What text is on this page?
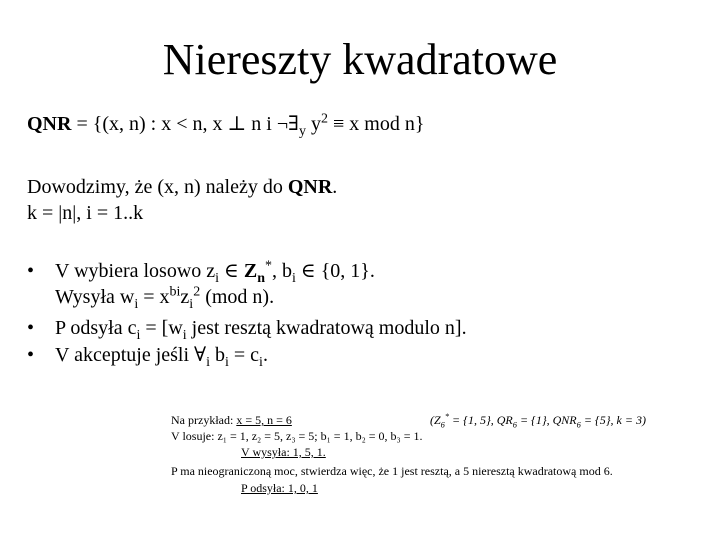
Niereszty kwadratowe
QNR = {(x, n) : x < n, x ⊥ n i $\neg\exists_y$ $y^2 \equiv x$ mod n}
Dowodzimy, że (x, n) należy do QNR.
k = |n|, i = 1..k
• V wybiera losowo $z_i$ ∈ $Z_n^*$, $b_i$ ∈ {0, 1}.
Wysyła $w_i = x^{bi}z_i^2$ (mod n).
• P odsyła $c_i = [w_i$ jest resztą kwadratową modulo n].
• V akceptuje jeśli $\forall_i$ $b_i = c_i$.
Na przykład: x = 5, n = 6	($Z_6^* = \{1$, 5}, $QR_6 = \{1\}$, $QNR_6 = \{5\}$, k = 3)
V losuje: z₁ = 1, z₂ = 5, z₃ = 5; b₁ = 1, b₂ = 0, b₃ = 1.
V wysyła: 1, 5, 1.
P ma nieograniczoną moc, stwierdza więc, że 1 jest resztą, a 5 nieresztą kwadratową mod 6.
P odsyła: 1, 0, 1
